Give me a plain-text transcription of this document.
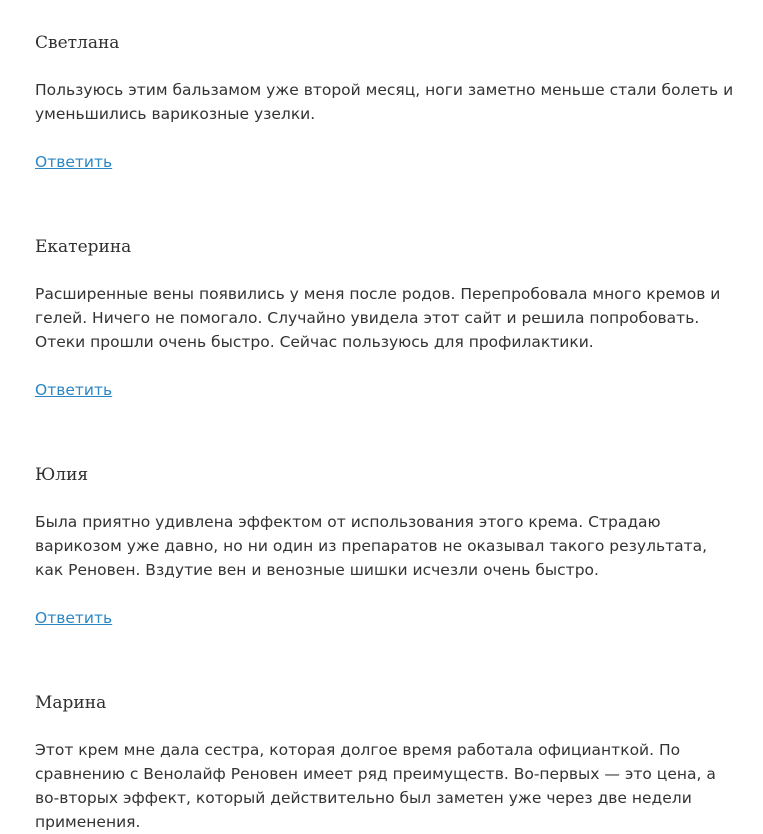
Светлана

Пользуюсь этим бальзамом уже второй месяц, ноги заметно меньше стали болеть и уменьшились варикозные узелки.

Ответить
Екатерина

Расширенные вены появились у меня после родов. Перепробовала много кремов и гелей. Ничего не помогало. Случайно увидела этот сайт и решила попробовать. Отеки прошли очень быстро. Сейчас пользуюсь для профилактики.

Ответить
Юлия

Была приятно удивлена эффектом от использования этого крема. Страдаю варикозом уже давно, но ни один из препаратов не оказывал такого результата, как Реновен. Вздутие вен и венозные шишки исчезли очень быстро.

Ответить
Марина

Этот крем мне дала сестра, которая долгое время работала официанткой. По сравнению с Венолайф Реновен имеет ряд преимуществ. Во-первых — это цена, а во-вторых эффект, который действительно был заметен уже через две недели применения.
